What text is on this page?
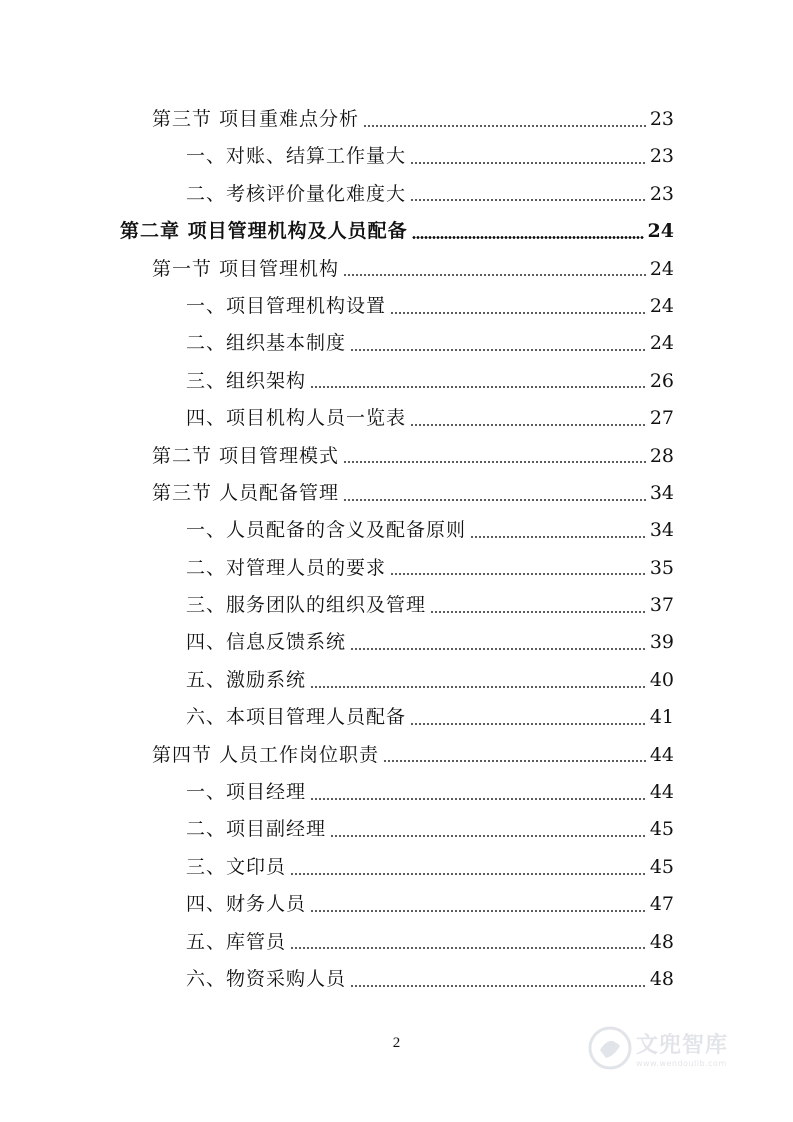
第三节 项目重难点分析	23
一、对账、结算工作量大	23
二、考核评价量化难度大	23
第二章 项目管理机构及人员配备	24
第一节 项目管理机构	24
一、项目管理机构设置	24
二、组织基本制度	24
三、组织架构	26
四、项目机构人员一览表	27
第二节 项目管理模式	28
第三节 人员配备管理	34
一、人员配备的含义及配备原则	34
二、对管理人员的要求	35
三、服务团队的组织及管理	37
四、信息反馈系统	39
五、激励系统	40
六、本项目管理人员配备	41
第四节 人员工作岗位职责	44
一、项目经理	44
二、项目副经理	45
三、文印员	45
四、财务人员	47
五、库管员	48
六、物资采购人员	48
2	文兜智库
www.wendoulib.com
